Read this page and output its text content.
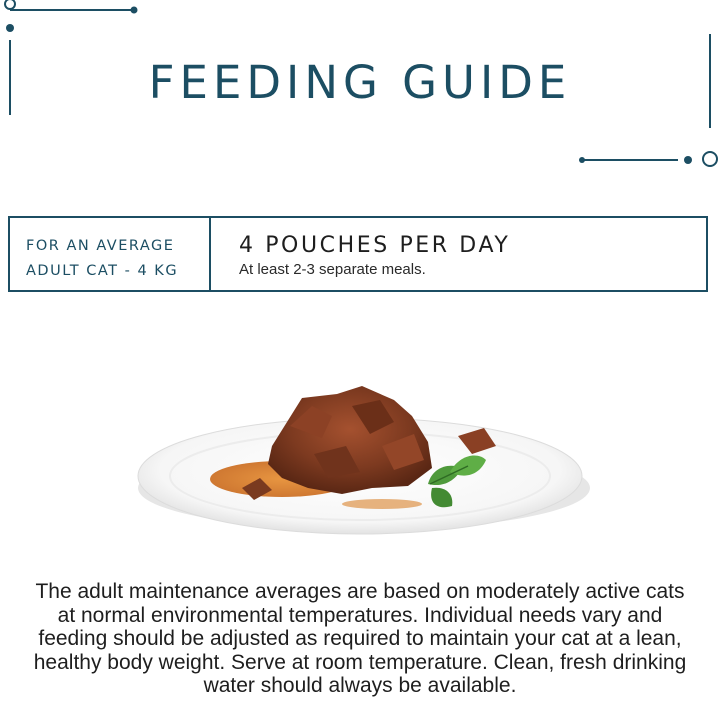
FEEDING GUIDE
FOR AN AVERAGE
ADULT CAT - 4 KG
4 POUCHES PER DAY
At least 2-3 separate meals.

The adult maintenance averages are based on moderately active cats at normal environmental temperatures. Individual needs vary and feeding should be adjusted as required to maintain your cat at a lean, healthy body weight. Serve at room temperature. Clean, fresh drinking water should always be available.
